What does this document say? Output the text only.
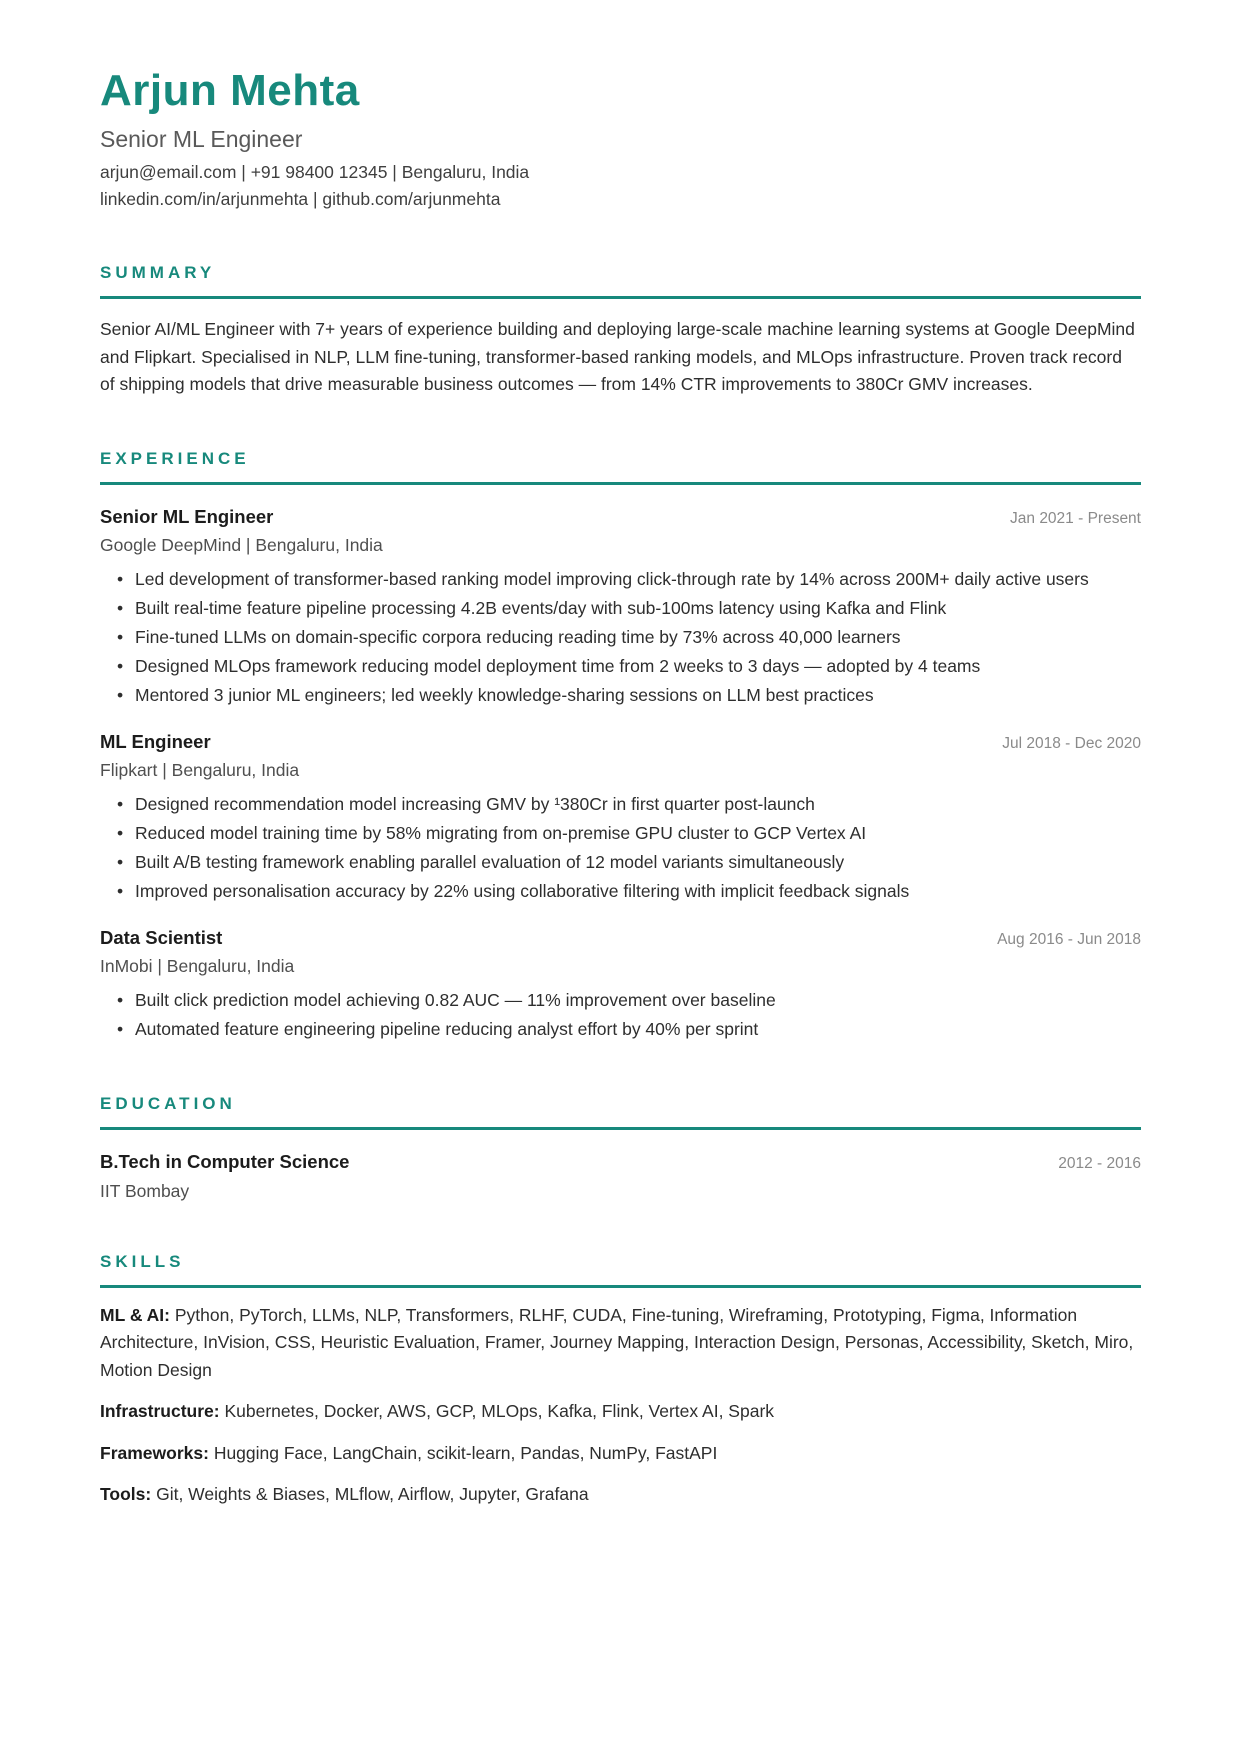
Arjun Mehta
Senior ML Engineer
arjun@email.com | +91 98400 12345 | Bengaluru, India
linkedin.com/in/arjunmehta | github.com/arjunmehta
SUMMARY

Senior AI/ML Engineer with 7+ years of experience building and deploying large-scale machine learning systems at Google DeepMind and Flipkart. Specialised in NLP, LLM fine-tuning, transformer-based ranking models, and MLOps infrastructure. Proven track record of shipping models that drive measurable business outcomes — from 14% CTR improvements to 380Cr GMV increases.

EXPERIENCE
Senior ML Engineer	Jan 2021 - Present
Google DeepMind | Bengaluru, India
• Led development of transformer-based ranking model improving click-through rate by 14% across 200M+ daily active users
• Built real-time feature pipeline processing 4.2B events/day with sub-100ms latency using Kafka and Flink
• Fine-tuned LLMs on domain-specific corpora reducing reading time by 73% across 40,000 learners
• Designed MLOps framework reducing model deployment time from 2 weeks to 3 days — adopted by 4 teams
• Mentored 3 junior ML engineers; led weekly knowledge-sharing sessions on LLM best practices
ML Engineer	Jul 2018 - Dec 2020
Flipkart | Bengaluru, India
• Designed recommendation model increasing GMV by ¹380Cr in first quarter post-launch
• Reduced model training time by 58% migrating from on-premise GPU cluster to GCP Vertex AI
• Built A/B testing framework enabling parallel evaluation of 12 model variants simultaneously
• Improved personalisation accuracy by 22% using collaborative filtering with implicit feedback signals
Data Scientist	Aug 2016 - Jun 2018
InMobi | Bengaluru, India
• Built click prediction model achieving 0.82 AUC — 11% improvement over baseline
• Automated feature engineering pipeline reducing analyst effort by 40% per sprint
EDUCATION
B.Tech in Computer Science	2012 - 2016
IIT Bombay
SKILLS

ML & AI: Python, PyTorch, LLMs, NLP, Transformers, RLHF, CUDA, Fine-tuning, Wireframing, Prototyping, Figma, Information Architecture, InVision, CSS, Heuristic Evaluation, Framer, Journey Mapping, Interaction Design, Personas, Accessibility, Sketch, Miro, Motion Design

Infrastructure: Kubernetes, Docker, AWS, GCP, MLOps, Kafka, Flink, Vertex AI, Spark

Frameworks: Hugging Face, LangChain, scikit-learn, Pandas, NumPy, FastAPI

Tools: Git, Weights & Biases, MLflow, Airflow, Jupyter, Grafana
